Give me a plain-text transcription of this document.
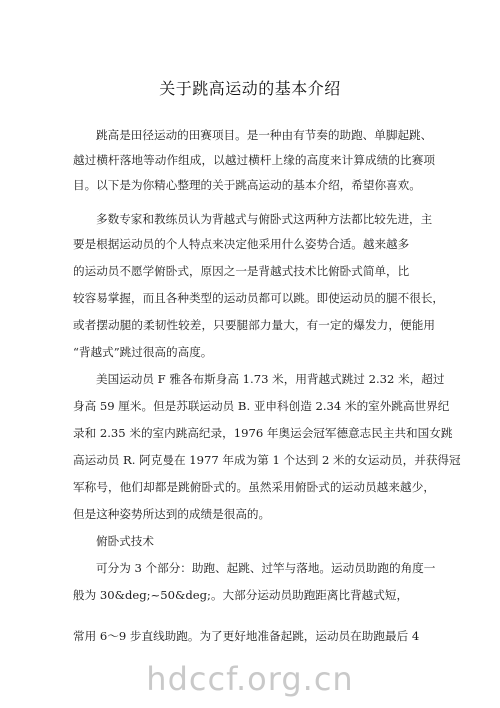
关于跳高运动的基本介绍
跳高是田径运动的田赛项目。是一种由有节奏的助跑、单脚起跳、
越过横杆落地等动作组成，以越过横杆上缘的高度来计算成绩的比赛项
目。以下是为你精心整理的关于跳高运动的基本介绍，希望你喜欢。
多数专家和教练员认为背越式与俯卧式这两种方法都比较先进，主
要是根据运动员的个人特点来决定他采用什么姿势合适。越来越多
的运动员不愿学俯卧式，原因之一是背越式技术比俯卧式简单，比
较容易掌握，而且各种类型的运动员都可以跳。即使运动员的腿不很长，
或者摆动腿的柔韧性较差，只要腿部力量大，有一定的爆发力，便能用
“背越式”跳过很高的高度。
美国运动员 F 雅各布斯身高 1.73 米，用背越式跳过 2.32 米，超过
身高 59 厘米。但是苏联运动员 B. 亚申科创造 2.34 米的室外跳高世界纪
录和 2.35 米的室内跳高纪录，1976 年奥运会冠军德意志民主共和国女跳
高运动员 R. 阿克曼在 1977 年成为第 1 个达到 2 米的女运动员，并获得冠
军称号，他们却都是跳俯卧式的。虽然采用俯卧式的运动员越来越少，
但是这种姿势所达到的成绩是很高的。
俯卧式技术
可分为 3 个部分：助跑、起跳、过竿与落地。运动员助跑的角度一
般为 30&deg;~50&deg;。大部分运动员助跑距离比背越式短，
常用 6～9 步直线助跑。为了更好地准备起跳，运动员在助跑最后 4
hdccf.org.cn
